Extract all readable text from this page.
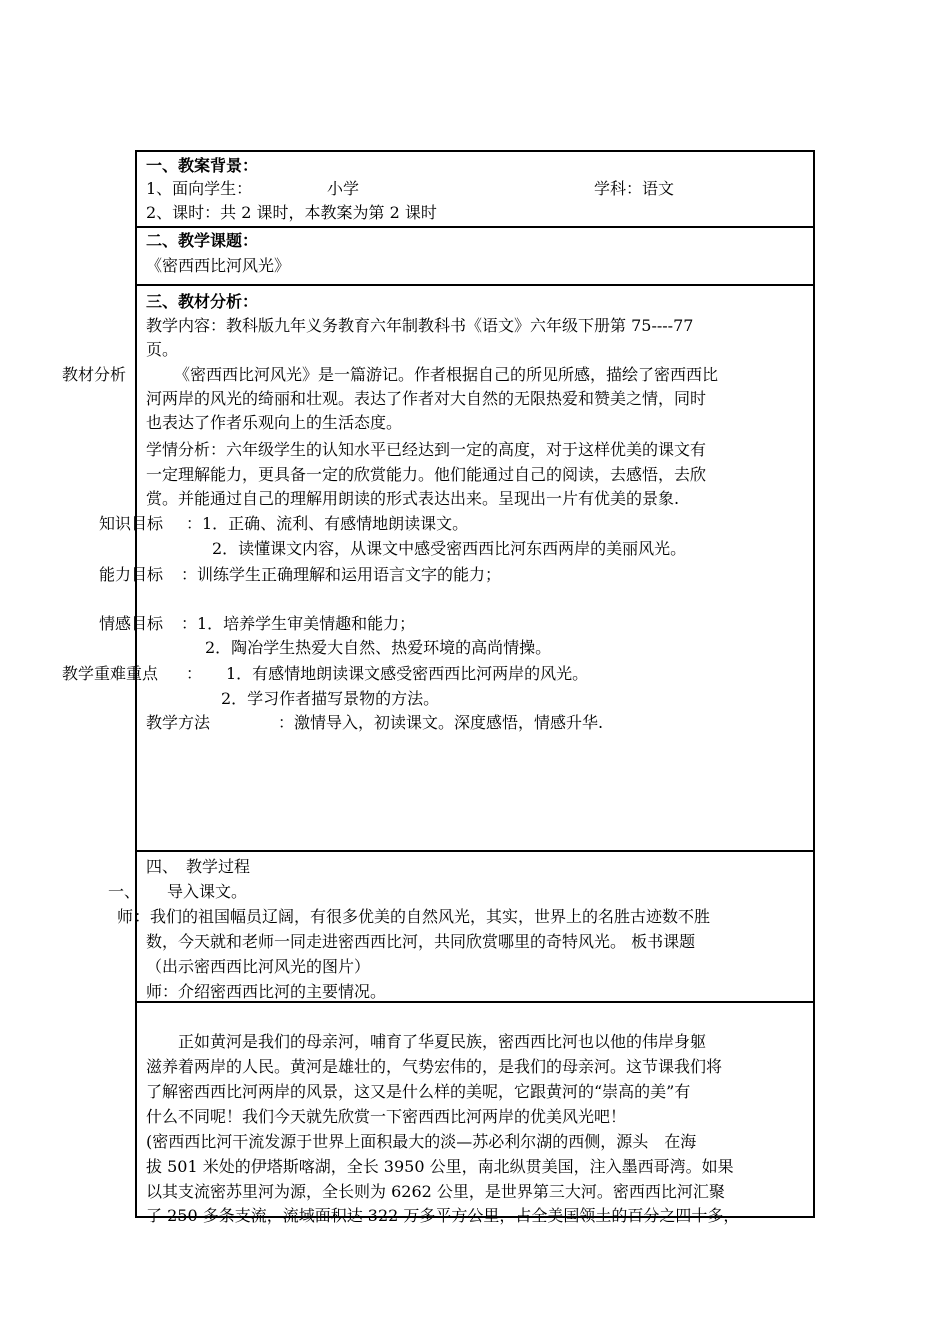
一、教案背景：
1、面向学生：	小学	学科：语文
2、课时：共 2 课时，本教案为第 2 课时
二、教学课题：
《密西西比河风光》
三、教材分析：
教学内容：教科版九年义务教育六年制教科书《语文》六年级下册第 75----77
页。
教材分析	《密西西比河风光》是一篇游记。作者根据自己的所见所感，描绘了密西西比
河两岸的风光的绮丽和壮观。表达了作者对大自然的无限热爱和赞美之情，同时
也表达了作者乐观向上的生活态度。
学情分析：六年级学生的认知水平已经达到一定的高度，对于这样优美的课文有
一定理解能力，更具备一定的欣赏能力。他们能通过自己的阅读，去感悟，去欣
赏。并能通过自己的理解用朗读的形式表达出来。呈现出一片有优美的景象.
知识目标 ：1．正确、流利、有感情地朗读课文。
2．读懂课文内容，从课文中感受密西西比河东西两岸的美丽风光。
能力目标 ：训练学生正确理解和运用语言文字的能力；
情感目标 ：1．培养学生审美情趣和能力；
2．陶冶学生热爱大自然、热爱环境的高尚情操。
教学重难重点 ：　　1．有感情地朗读课文感受密西西比河两岸的风光。
2．学习作者描写景物的方法。
教学方法	：激情导入，初读课文。深度感悟，情感升华.
四、　教学过程
一、 导入课文。
师 ：我们的祖国幅员辽阔，有很多优美的自然风光，其实，世界上的名胜古迹数不胜
数，今天就和老师一同走进密西西比河，共同欣赏哪里的奇特风光。 板书课题
（出示密西西比河风光的图片）
师：介绍密西西比河的主要情况。
　　正如黄河是我们的母亲河，哺育了华夏民族，密西西比河也以他的伟岸身躯
滋养着两岸的人民。黄河是雄壮的，气势宏伟的，是我们的母亲河。这节课我们将
了解密西西比河两岸的风景，这又是什么样的美呢，它跟黄河的“崇高的美”有
什么不同呢！我们今天就先欣赏一下密西西比河两岸的优美风光吧！
(密西西比河干流发源于世界上面积最大的淡—苏必利尔湖的西侧，源头　在海
拔 501 米处的伊塔斯喀湖，全长 3950 公里，南北纵贯美国，注入墨西哥湾。如果
以其支流密苏里河为源，全长则为 6262 公里，是世界第三大河。密西西比河汇聚
了 250 多条支流，流域面积达 322 万多平方公里，占全美国领土的百分之四十多，
